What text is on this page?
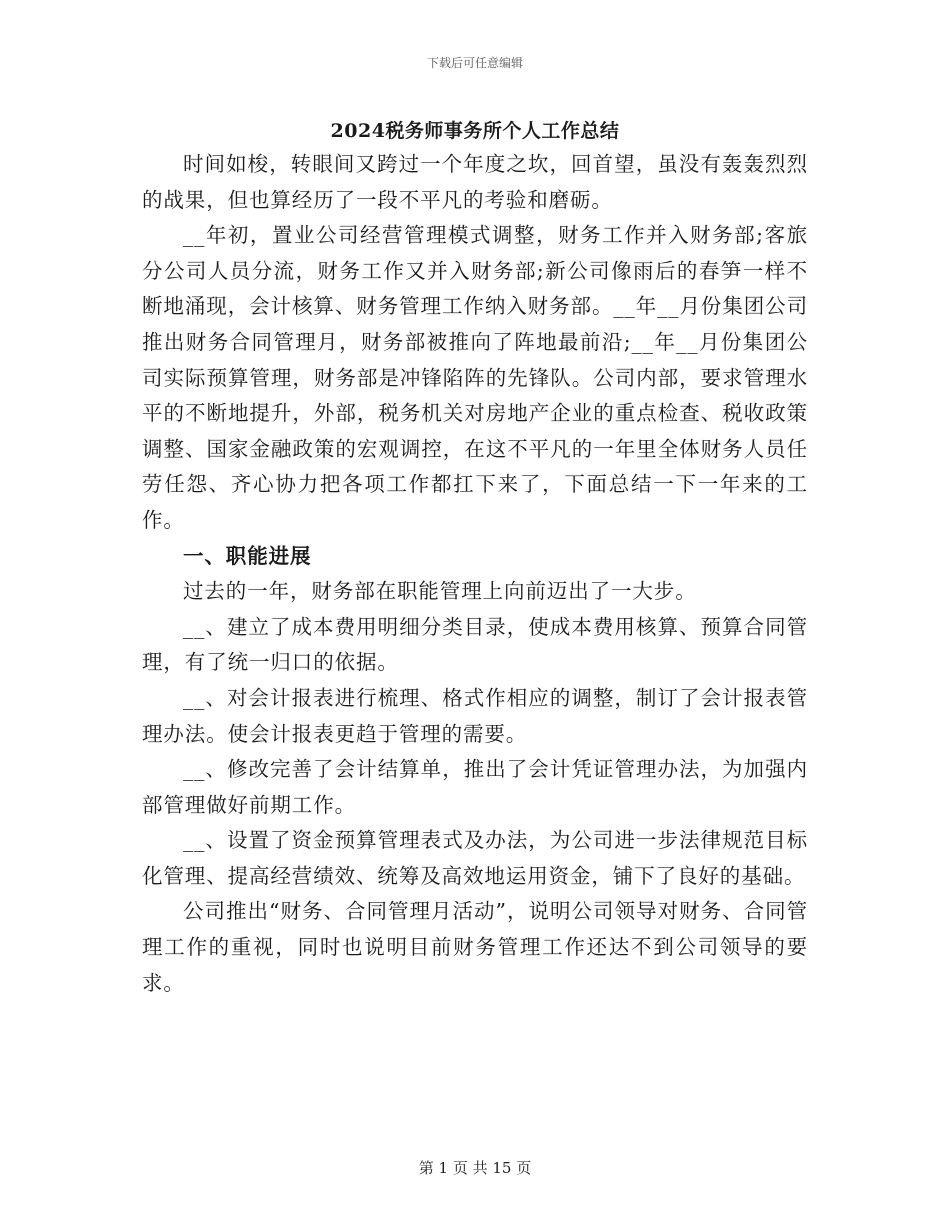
下载后可任意编辑
2024税务师事务所个人工作总结

时间如梭，转眼间又跨过一个年度之坎，回首望，虽没有轰轰烈烈的战果，但也算经历了一段不平凡的考验和磨砺。

__年初，置业公司经营管理模式调整，财务工作并入财务部;客旅分公司人员分流，财务工作又并入财务部;新公司像雨后的春笋一样不断地涌现，会计核算、财务管理工作纳入财务部。__年__月份集团公司推出财务合同管理月，财务部被推向了阵地最前沿;__年__月份集团公司实际预算管理，财务部是冲锋陷阵的先锋队。公司内部，要求管理水平的不断地提升，外部，税务机关对房地产企业的重点检查、税收政策调整、国家金融政策的宏观调控，在这不平凡的一年里全体财务人员任劳任怨、齐心协力把各项工作都扛下来了，下面总结一下一年来的工作。

一、职能进展

过去的一年，财务部在职能管理上向前迈出了一大步。

__、建立了成本费用明细分类目录，使成本费用核算、预算合同管理，有了统一归口的依据。

__、对会计报表进行梳理、格式作相应的调整，制订了会计报表管理办法。使会计报表更趋于管理的需要。

__、修改完善了会计结算单，推出了会计凭证管理办法，为加强内部管理做好前期工作。

__、设置了资金预算管理表式及办法，为公司进一步法律规范目标化管理、提高经营绩效、统筹及高效地运用资金，铺下了良好的基础。

公司推出“财务、合同管理月活动”，说明公司领导对财务、合同管理工作的重视，同时也说明目前财务管理工作还达不到公司领导的要求。

第 1 页 共 15 页
